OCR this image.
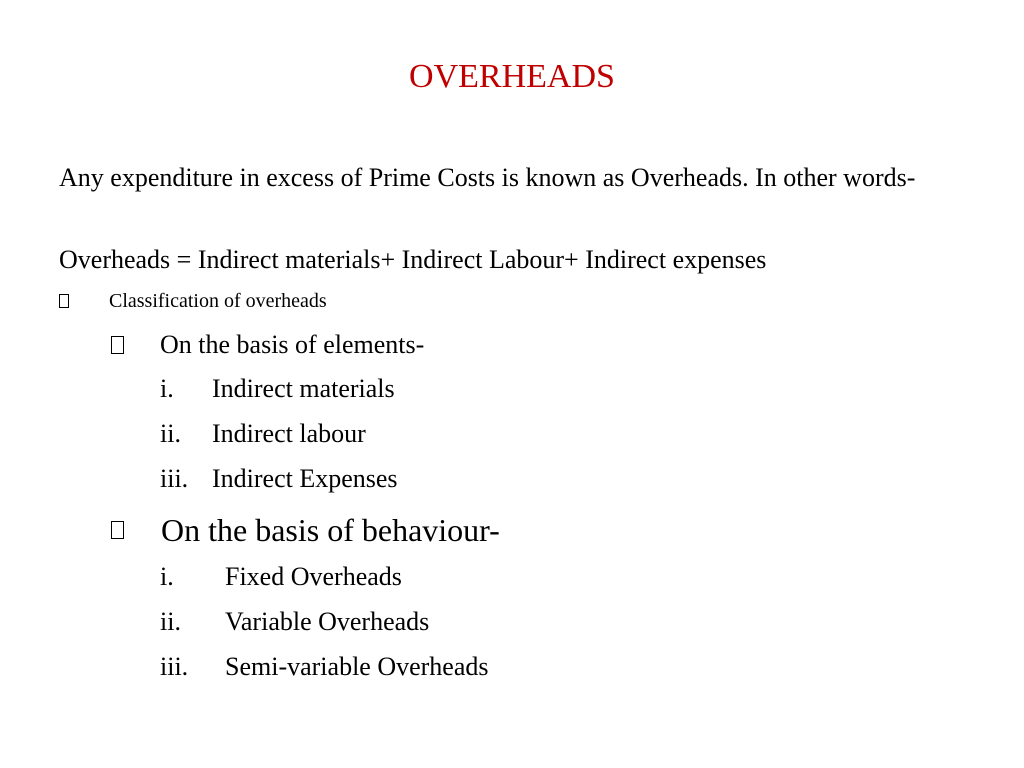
OVERHEADS
Any expenditure in excess of Prime Costs is known as Overheads. In other words-
Overheads = Indirect materials+ Indirect Labour+ Indirect expenses
Classification of overheads
On the basis of elements-
i. Indirect materials
ii. Indirect labour
iii. Indirect Expenses
On the basis of behaviour-
i. Fixed Overheads
ii. Variable Overheads
iii. Semi-variable Overheads
